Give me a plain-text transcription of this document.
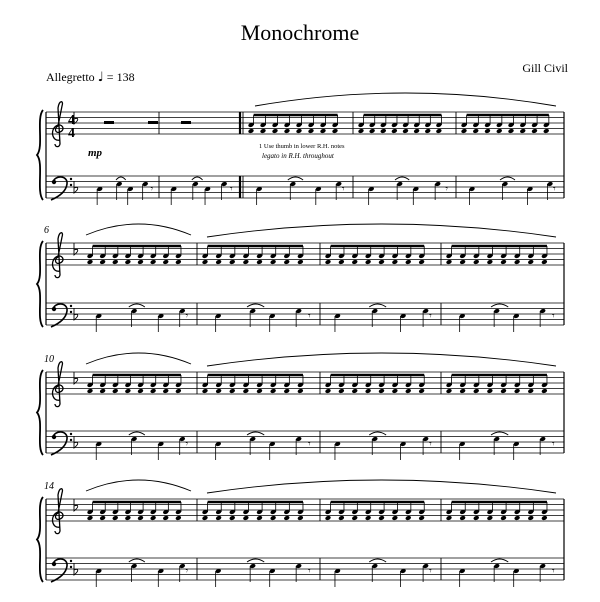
Monochrome
Gill Civil
Allegretto ♩ = 138
4
4
mp
1 Use thumb in lower R.H. notes
legato in R.H. throughout
6
10
14
𝄾	𝄾	𝄾	𝄾	𝄾
𝄾	𝄾	𝄾	𝄾
𝄾	𝄾	𝄾	𝄾
𝄾	𝄾	𝄾	𝄾
